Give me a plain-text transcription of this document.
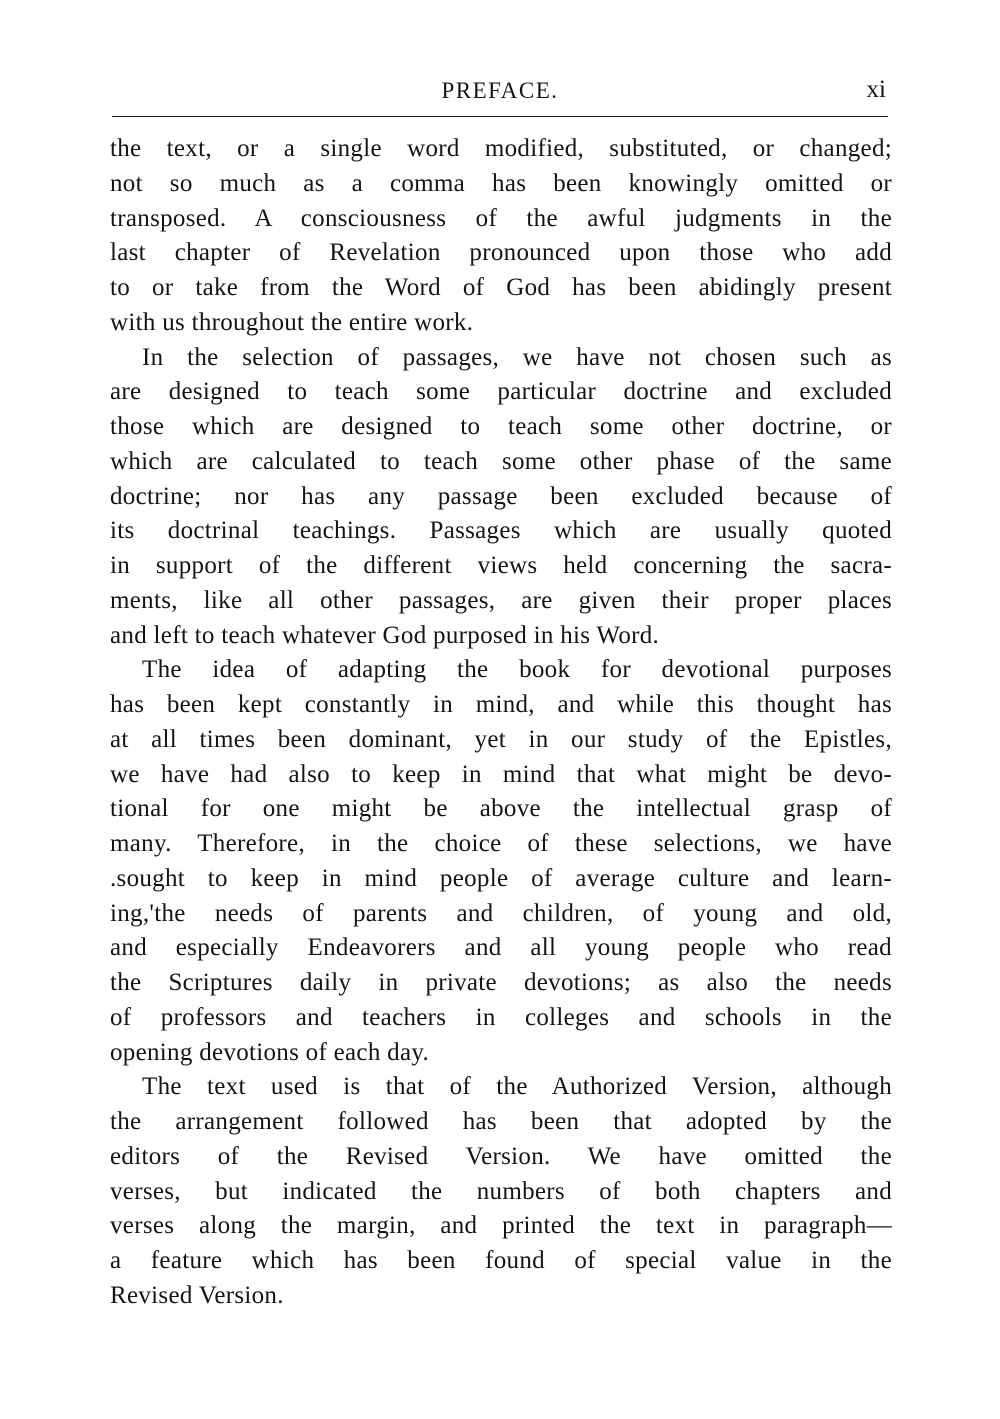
PREFACE.	xi
the text, or a single word modified, substituted, or changed;
not so much as a comma has been knowingly omitted or
transposed. A consciousness of the awful judgments in the
last chapter of Revelation pronounced upon those who add
to or take from the Word of God has been abidingly present
with us throughout the entire work.
In the selection of passages, we have not chosen such as
are designed to teach some particular doctrine and excluded
those which are designed to teach some other doctrine, or
which are calculated to teach some other phase of the same
doctrine; nor has any passage been excluded because of
its doctrinal teachings. Passages which are usually quoted
in support of the different views held concerning the sacra-
ments, like all other passages, are given their proper places
and left to teach whatever God purposed in his Word.
The idea of adapting the book for devotional purposes
has been kept constantly in mind, and while this thought has
at all times been dominant, yet in our study of the Epistles,
we have had also to keep in mind that what might be devo-
tional for one might be above the intellectual grasp of
many. Therefore, in the choice of these selections, we have
.sought to keep in mind people of average culture and learn-
ing,'the needs of parents and children, of young and old,
and especially Endeavorers and all young people who read
the Scriptures daily in private devotions; as also the needs
of professors and teachers in colleges and schools in the
opening devotions of each day.
The text used is that of the Authorized Version, although
the arrangement followed has been that adopted by the
editors of the Revised Version. We have omitted the
verses, but indicated the numbers of both chapters and
verses along the margin, and printed the text in paragraph—
a feature which has been found of special value in the
Revised Version.
